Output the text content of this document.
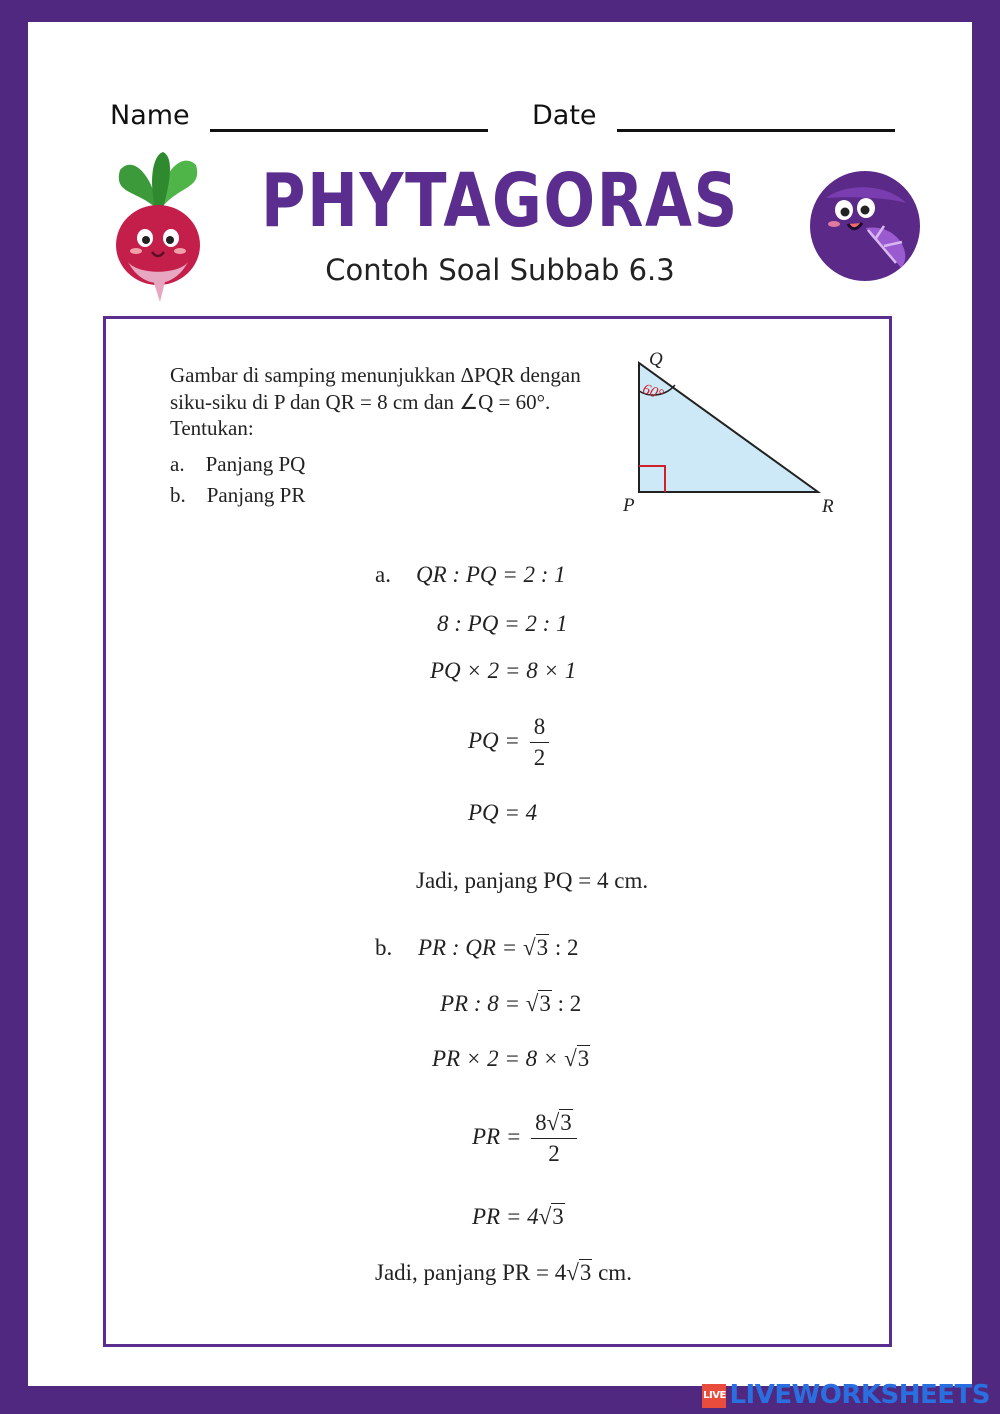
Name	Date
PHYTAGORAS
Contoh Soal Subbab 6.3
Gambar di samping menunjukkan ΔPQR dengan
siku-siku di P dan QR = 8 cm dan ∠Q = 60°.
Tentukan:
a. Panjang PQ
b. Panjang PR
60°
Q
P	R
a. QR : PQ = 2 : 1
8 : PQ = 2 : 1
PQ × 2 = 8 × 1
PQ = $\frac{8}{2}$
PQ = 4
Jadi, panjang PQ = 4 cm.
b. PR : QR = √3 : 2
PR : 8 = √3 : 2
PR × 2 = 8 × √3
PR = $\frac{8√3}{2}$
PR = 4√3
Jadi, panjang PR = 4√3 cm.
LIVE LIVEWORKSHEETS
